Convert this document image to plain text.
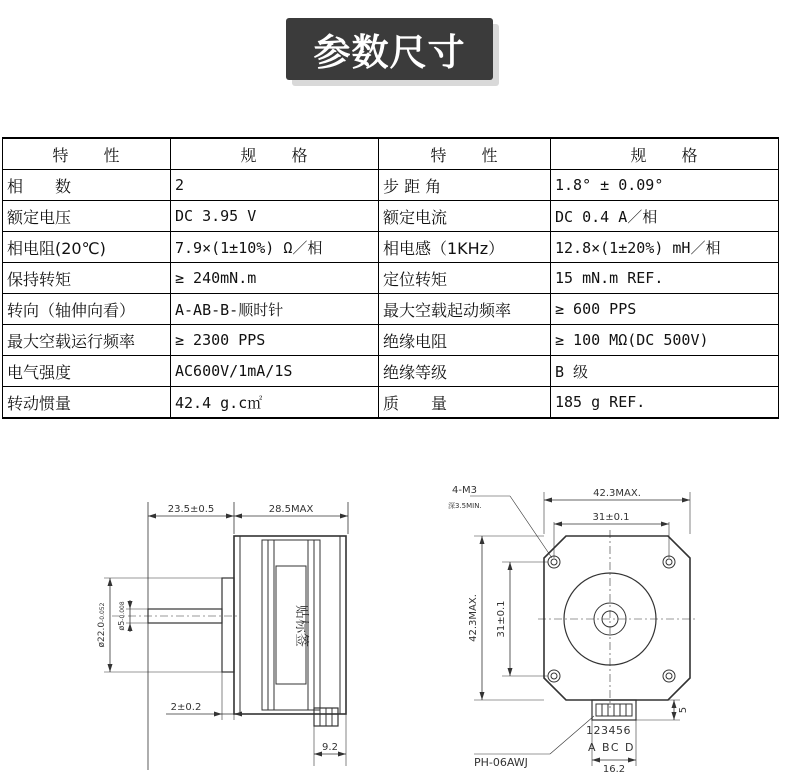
参数尺寸
特　　性	规　　格	特　　性	规　　格
相　　数	2	步 距 角	1.8° ± 0.09°
额定电压	DC 3.95 V	额定电流	DC 0.4 A／相
相电阻(20℃)	7.9×(1±10%) Ω／相	相电感（1KHz）	12.8×(1±20%) mH／相
保持转矩	≥ 240mN.m	定位转矩	15 mN.m REF.
转向（轴伸向看）	A-AB-B-顺时针	最大空载起动频率	≥ 600 PPS
最大空载运行频率	≥ 2300 PPS	绝缘电阻	≥ 100 MΩ(DC 500V)
电气强度	AC600V/1mA/1S	绝缘等级	B 级
转动惯量	42.4 g.c㎡	质　　量	185 g REF.
23.5±0.5	28.5MAX
ø22.0-0.052
ø5-0.008	贴标签
2±0.2
9.2
4-M3
深3.5MIN.
42.3MAX.
31±0.1
42.3MAX. 31±0.1
5
123456
A BC D
PH-06AWJ
16.2
